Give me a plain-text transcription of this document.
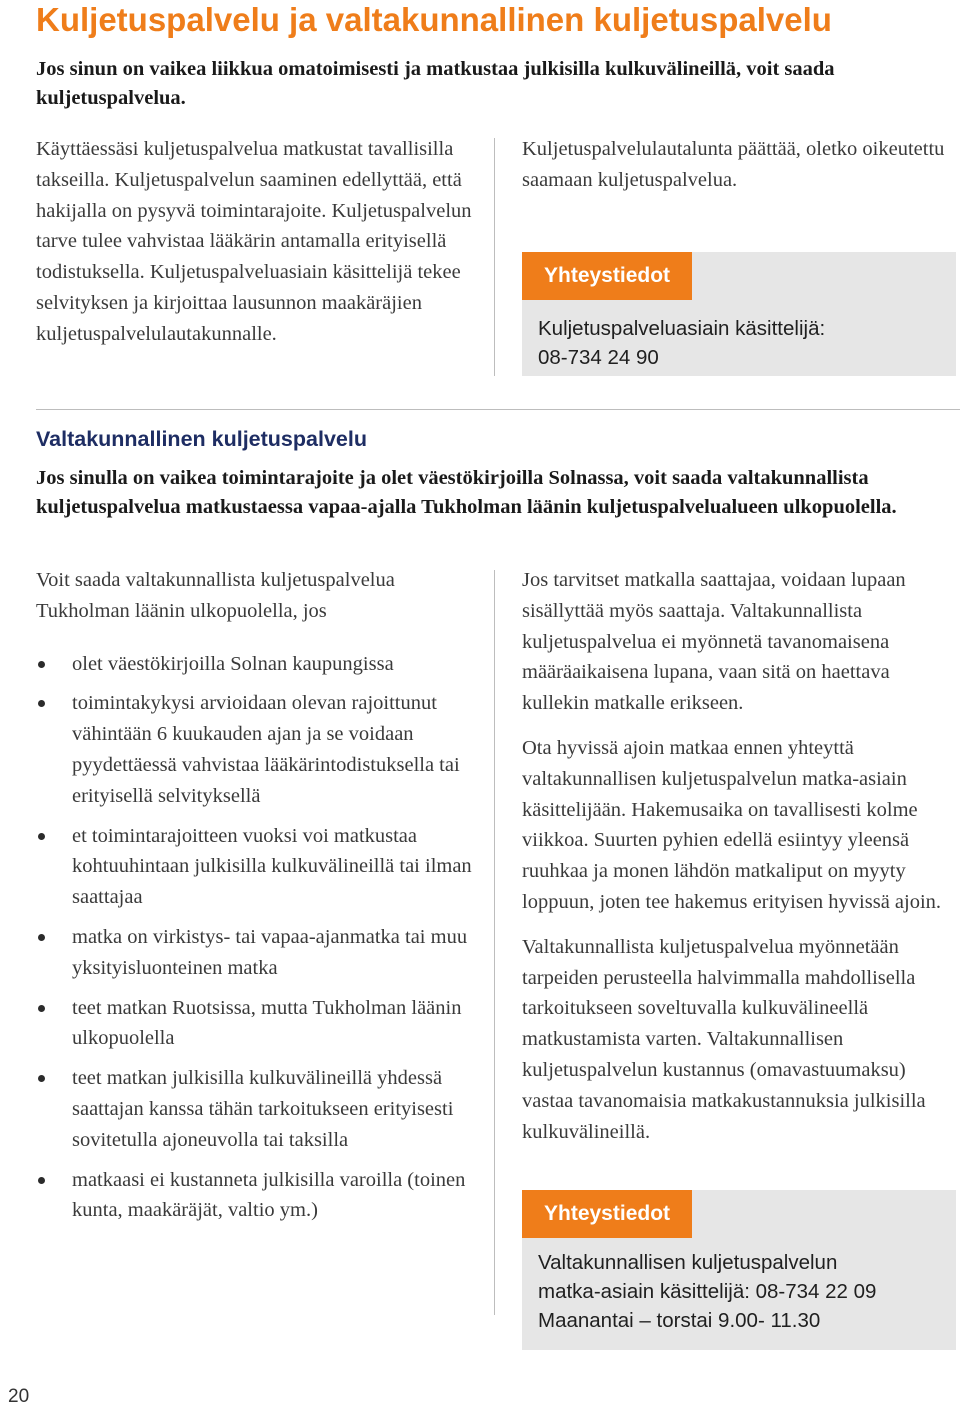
Kuljetuspalvelu ja valtakunnallinen kuljetuspalvelu

Jos sinun on vaikea liikkua omatoimisesti ja matkustaa julkisilla kulkuvälineillä, voit saada kuljetuspalvelua.

Käyttäessäsi kuljetuspalvelua matkustat tavallisilla takseilla. Kuljetuspalvelun saaminen edellyttää, että hakijalla on pysyvä toimintarajoite. Kuljetuspalvelun tarve tulee vahvistaa lääkärin antamalla erityisellä todistuksella. Kuljetuspalveluasiain käsittelijä tekee selvityksen ja kirjoittaa lausunnon maakäräjien kuljetuspalvelulautakunnalle.

Kuljetuspalvelulautalunta päättää, oletko oikeutettu saamaan kuljetuspalvelua.

Yhteystiedot
Kuljetuspalveluasiain käsittelijä:
08-734 24 90
Valtakunnallinen kuljetuspalvelu

Jos sinulla on vaikea toimintarajoite ja olet väestökirjoilla Solnassa, voit saada valtakunnallista kuljetuspalvelua matkustaessa vapaa-ajalla Tukholman läänin kuljetuspalvelualueen ulkopuolella.

Voit saada valtakunnallista kuljetuspalvelua Tukholman läänin ulkopuolella, jos

olet väestökirjoilla Solnan kaupungissa
toimintakykysi arvioidaan olevan rajoittunut vähintään 6 kuukauden ajan ja se voidaan pyydettäessä vahvistaa lääkärintodistuksella tai erityisellä selvityksellä
et toimintarajoitteen vuoksi voi matkustaa kohtuuhintaan julkisilla kulkuvälineillä tai ilman saattajaa
matka on virkistys- tai vapaa-ajanmatka tai muu yksityisluonteinen matka
teet matkan Ruotsissa, mutta Tukholman läänin ulkopuolella
teet matkan julkisilla kulkuvälineillä yhdessä saattajan kanssa tähän tarkoitukseen erityisesti sovitetulla ajoneuvolla tai taksilla
matkaasi ei kustanneta julkisilla varoilla (toinen kunta, maakäräjät, valtio ym.)

Jos tarvitset matkalla saattajaa, voidaan lupaan sisällyttää myös saattaja. Valtakunnallista kuljetuspalvelua ei myönnetä tavanomaisena määräaikaisena lupana, vaan sitä on haettava kullekin matkalle erikseen.

Ota hyvissä ajoin matkaa ennen yhteyttä valtakunnallisen kuljetuspalvelun matka-asiain käsittelijään. Hakemusaika on tavallisesti kolme viikkoa. Suurten pyhien edellä esiintyy yleensä ruuhkaa ja monen lähdön matkaliput on myyty loppuun, joten tee hakemus erityisen hyvissä ajoin.

Valtakunnallista kuljetuspalvelua myönnetään tarpeiden perusteella halvimmalla mahdollisella tarkoitukseen soveltuvalla kulkuvälineellä matkustamista varten. Valtakunnallisen kuljetuspalvelun kustannus (omavastuumaksu) vastaa tavanomaisia matkakustannuksia julkisilla kulkuvälineillä.

Yhteystiedot
Valtakunnallisen kuljetuspalvelun
matka-asiain käsittelijä: 08-734 22 09
Maanantai – torstai 9.00- 11.30
20
